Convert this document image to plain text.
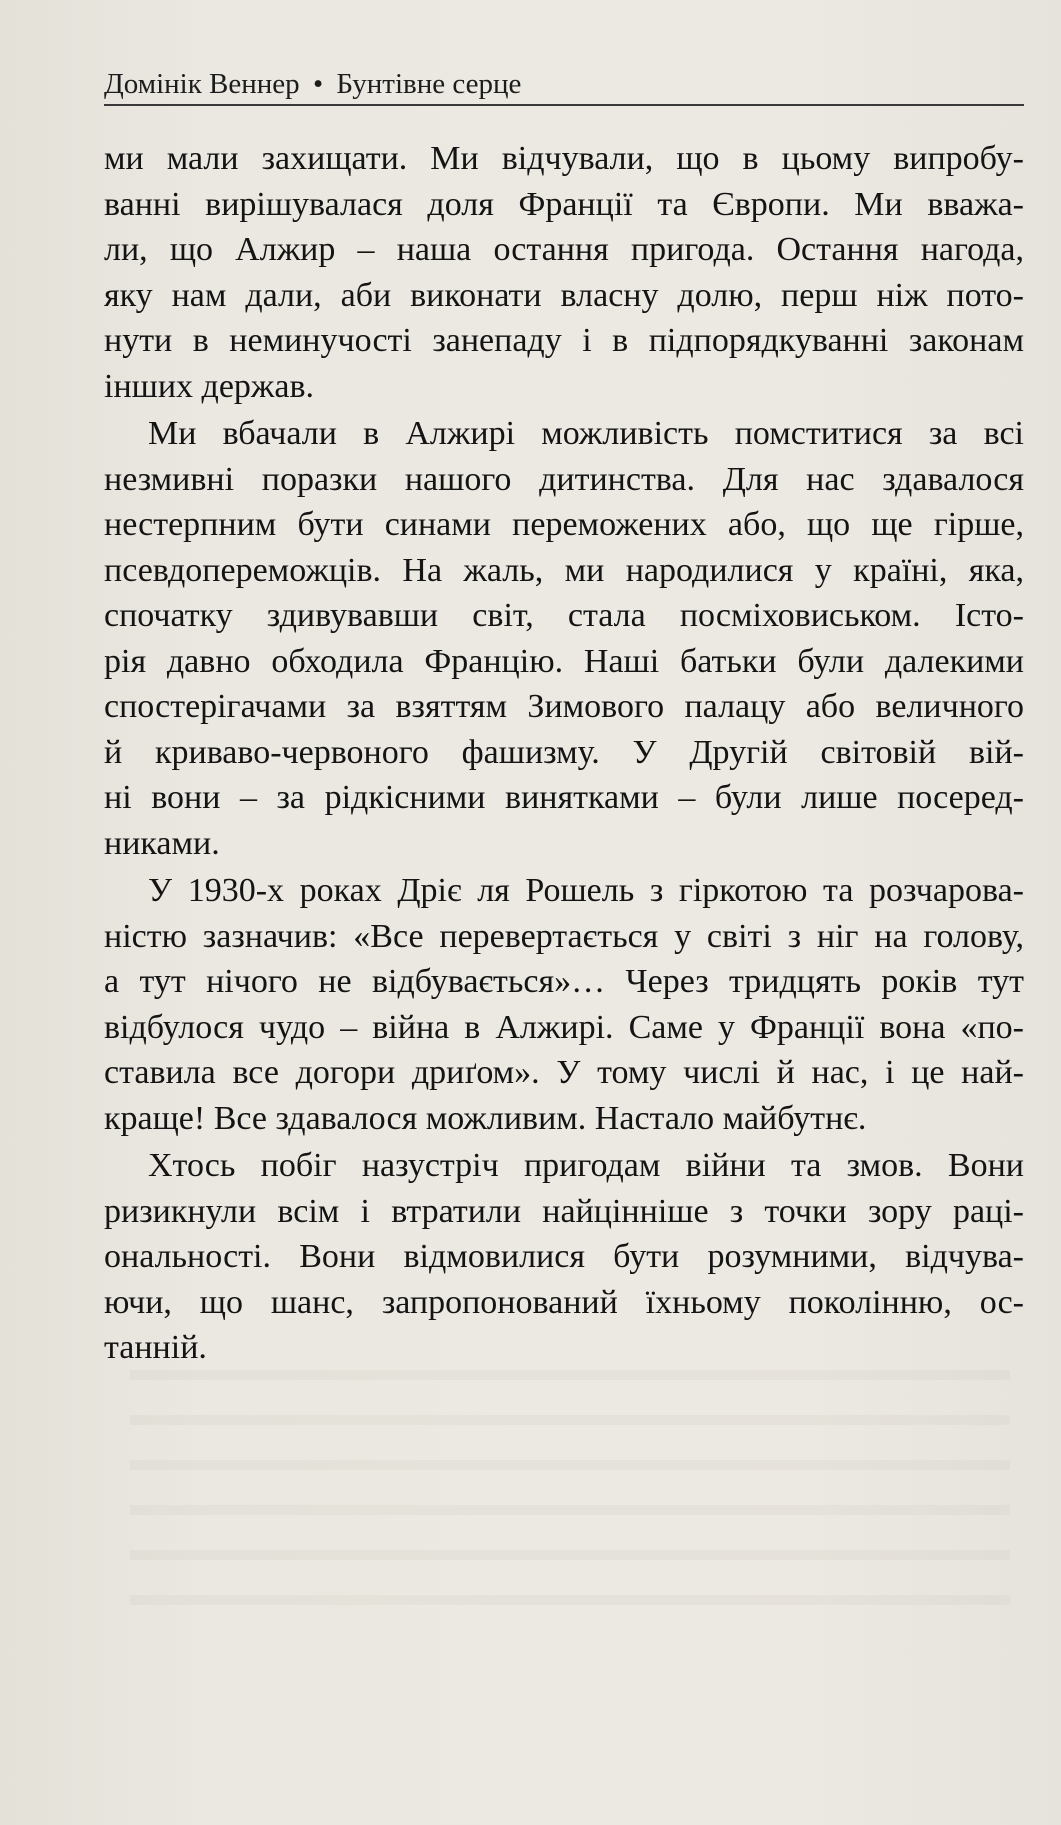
Домінік Веннер • Бунтівне серце
ми мали захищати. Ми відчували, що в цьому випробу-
ванні вирішувалася доля Франції та Європи. Ми вважа-
ли, що Алжир – наша остання пригода. Остання нагода,
яку нам дали, аби виконати власну долю, перш ніж пото-
нути в неминучості занепаду і в підпорядкуванні законам
інших держав.
Ми вбачали в Алжирі можливість помститися за всі
незмивні поразки нашого дитинства. Для нас здавалося
нестерпним бути синами переможених або, що ще гірше,
псевдопереможців. На жаль, ми народилися у країні, яка,
спочатку здивувавши світ, стала посміховиськом. Істо-
рія давно обходила Францію. Наші батьки були далекими
спостерігачами за взяттям Зимового палацу або величного
й криваво-червоного фашизму. У Другій світовій вій-
ні вони – за рідкісними винятками – були лише посеред-
никами.
У 1930-х роках Дріє ля Рошель з гіркотою та розчарова-
ністю зазначив: «Все перевертається у світі з ніг на голову,
а тут нічого не відбувається»… Через тридцять років тут
відбулося чудо – війна в Алжирі. Саме у Франції вона «по-
ставила все догори дриґом». У тому числі й нас, і це най-
краще! Все здавалося можливим. Настало майбутнє.
Хтось побіг назустріч пригодам війни та змов. Вони
ризикнули всім і втратили найцінніше з точки зору раці-
ональності. Вони відмовилися бути розумними, відчува-
ючи, що шанс, запропонований їхньому поколінню, ос-
танній.
